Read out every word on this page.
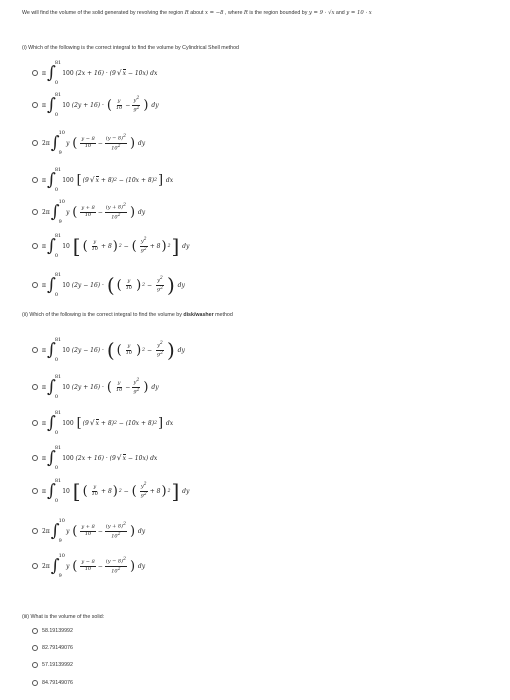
We will find the volume of the solid generated by revolving the region R about x = −8 , where R is the region bounded by y = 9 · √x and y = 10 · x
(i) Which of the following is the correct integral to find the volume by Cylindrical Shell method
π ∫ 81
0
100 (2 x + 16) · (9 √ x − 10 x ) dx
π ∫ 81
0
10 (2y + 16) · ( $\frac{y}{10} - \frac{y^2}{9^2}$ ) dy
2π ∫ 10
9
y ( $\frac{y - 8}{10} - \frac{(y - 8)^2}{10^2}$ ) dy
π ∫ 81
0
100
[ (9 √ x + 8) 2 − (10x + 8) 2 ] dx
2π ∫ 10
9
y ( $\frac{y + 8}{10} - \frac{(y + 8)^2}{10^2}$ ) dy
π ∫ 81
0
10
[ ( $\frac{y}{10} + 8$ ) 2 − ( $\frac{y^2}{9^2} + 8$ ) 2 ] dy
π ∫ 81
0
10 (2y − 16) · ( ( $\frac{y}{10}$ ) $2 - \frac{y^2}{9^2}$ ) dy
(ii) Which of the following is the correct integral to find the volume by disk/washer method
π ∫ 81
0
10 (2y − 16) · ( ( $\frac{y}{10}$ ) $2 - \frac{y^2}{9^2}$ ) dy
π ∫ 81
0
10 (2y + 16) · ( $\frac{y}{10} - \frac{y^2}{9^2}$ ) dy
π ∫ 81
0
100
[ (9 √ x + 8) 2 − (10x + 8) 2 ] dx
π ∫ 81
0
100 (2x + 16) · (9 √ x − 10x) dx
π ∫ 81
0
10
[ ( $\frac{y}{10} + 8$ ) 2 − ( $\frac{y^2}{9^2} + 8$ ) 2 ] dy
2π ∫ 10
9
y ( $\frac{y + 8}{10} - \frac{(y + 8)^2}{10^2}$ ) dy
2π ∫ 10
9
y ( $\frac{y - 8}{10} - \frac{(y - 8)^2}{10^2}$ ) dy
(iii) What is the volume of the solid:
58.19139992
82.79149076
57.19139992
84.79149076
